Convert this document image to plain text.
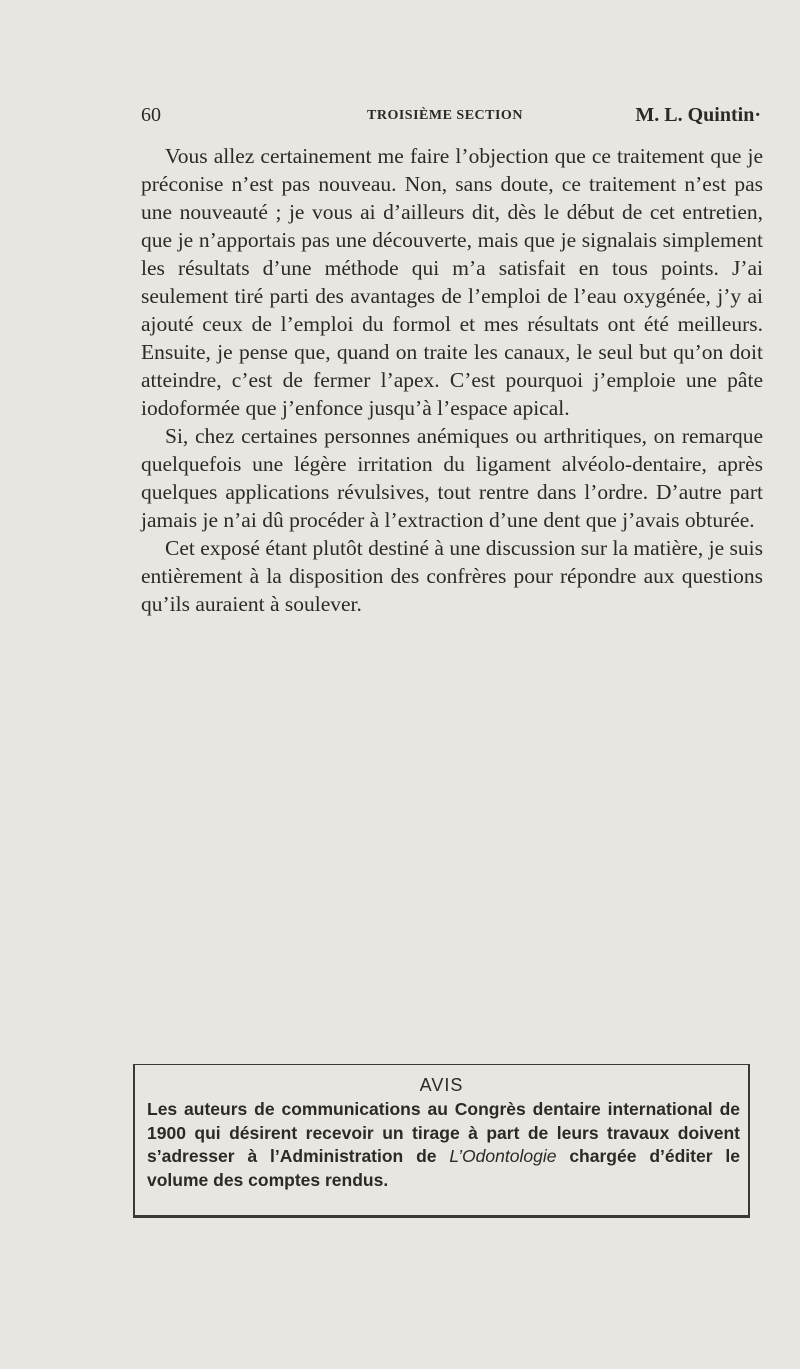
60	TROISIÈME SECTION	M. L. Quintin·

Vous allez certainement me faire l’objection que ce traitement que je préconise n’est pas nouveau. Non, sans doute, ce traitement n’est pas une nouveauté ; je vous ai d’ailleurs dit, dès le début de cet entretien, que je n’apportais pas une découverte, mais que je signalais simplement les résultats d’une méthode qui m’a satisfait en tous points. J’ai seulement tiré parti des avantages de l’emploi de l’eau oxygénée, j’y ai ajouté ceux de l’emploi du formol et mes résultats ont été meilleurs. Ensuite, je pense que, quand on traite les canaux, le seul but qu’on doit atteindre, c’est de fermer l’apex. C’est pourquoi j’emploie une pâte iodoformée que j’enfonce jusqu’à l’espace apical.

Si, chez certaines personnes anémiques ou arthritiques, on remarque quelquefois une légère irritation du ligament alvéolo-dentaire, après quelques applications révulsives, tout rentre dans l’ordre. D’autre part jamais je n’ai dû procéder à l’extraction d’une dent que j’avais obturée.

Cet exposé étant plutôt destiné à une discussion sur la matière, je suis entièrement à la disposition des confrères pour répondre aux questions qu’ils auraient à soulever.

AVIS
Les auteurs de communications au Congrès dentaire international de 1900 qui désirent recevoir un tirage à part de leurs travaux doivent s’adresser à l’Administration de L’Odontologie chargée d’éditer le volume des comptes rendus.
